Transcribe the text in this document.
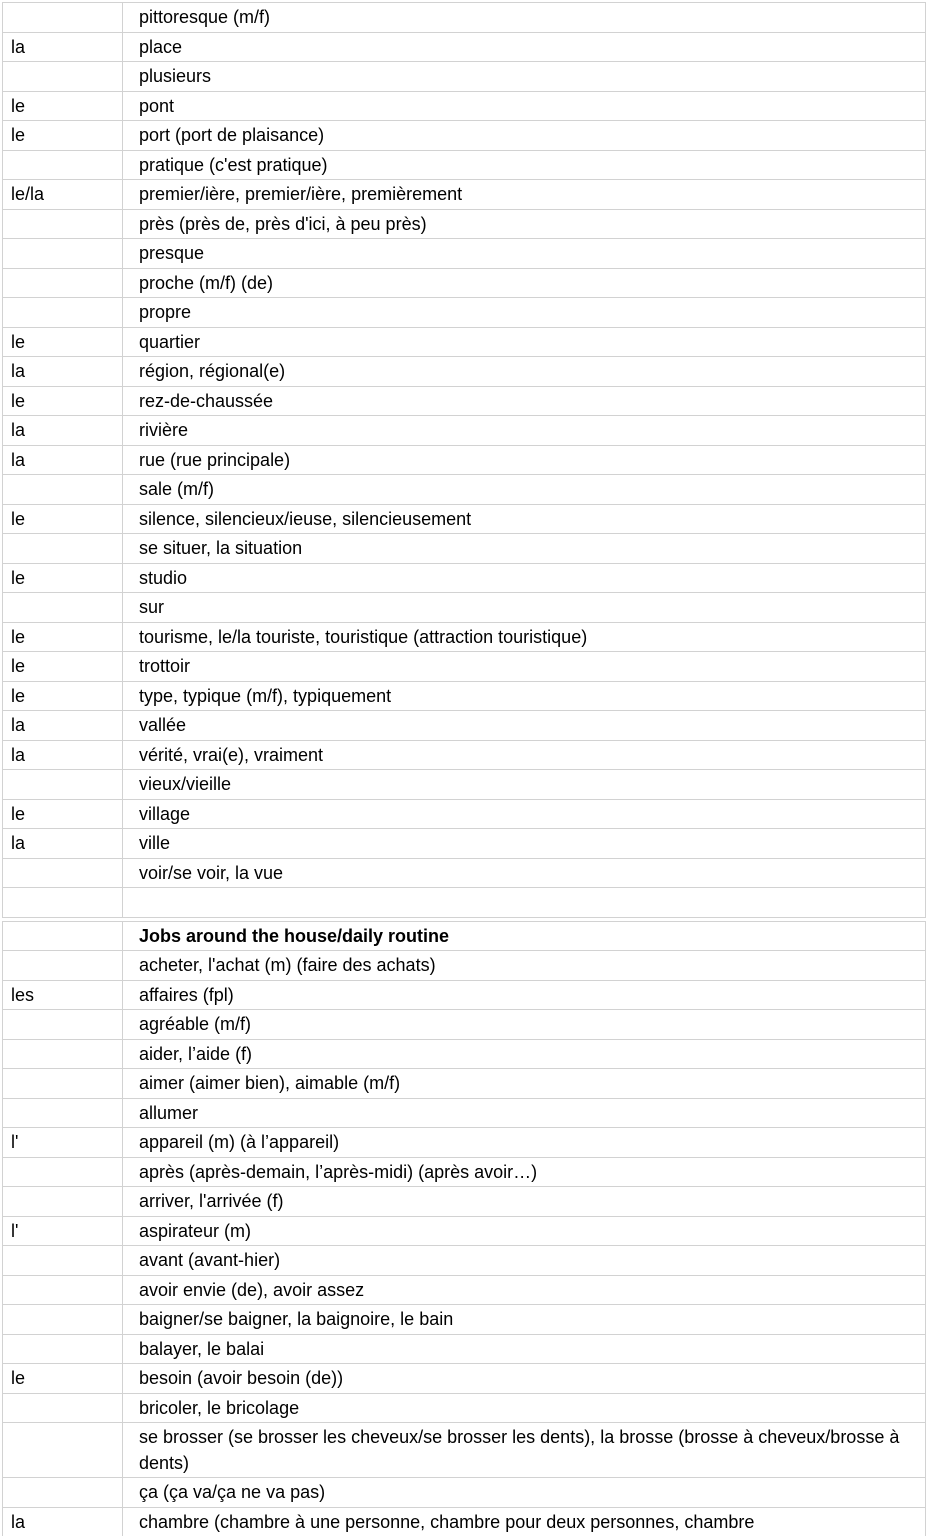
	pittoresque (m/f)
la	place
	plusieurs
le	pont
le	port (port de plaisance)
	pratique (c'est pratique)
le/la	premier/ière, premier/ière, premièrement
	près (près de, près d'ici, à peu près)
	presque
	proche (m/f) (de)
	propre
le	quartier
la	région, régional(e)
le	rez-de-chaussée
la	rivière
la	rue (rue principale)
	sale (m/f)
le	silence, silencieux/ieuse, silencieusement
	se situer, la situation
le	studio
	sur
le	tourisme, le/la touriste, touristique (attraction touristique)
le	trottoir
le	type, typique (m/f), typiquement
la	vallée
la	vérité, vrai(e), vraiment
	vieux/vieille
le	village
la	ville
	voir/se voir, la vue

	Jobs around the house/daily routine
	acheter, l'achat (m) (faire des achats)
les	affaires (fpl)
	agréable (m/f)
	aider, l’aide (f)
	aimer (aimer bien), aimable (m/f)
	allumer
l'	appareil (m) (à l’appareil)
	après (après-demain, l’après-midi) (après avoir…)
	arriver, l'arrivée (f)
l'	aspirateur (m)
	avant (avant-hier)
	avoir envie (de), avoir assez
	baigner/se baigner, la baignoire, le bain
	balayer, le balai
le	besoin (avoir besoin (de))
	bricoler, le bricolage
	se brosser (se brosser les cheveux/se brosser les dents), la brosse (brosse à cheveux/brosse à dents)
	ça (ça va/ça ne va pas)
la	chambre (chambre à une personne, chambre pour deux personnes, chambre
